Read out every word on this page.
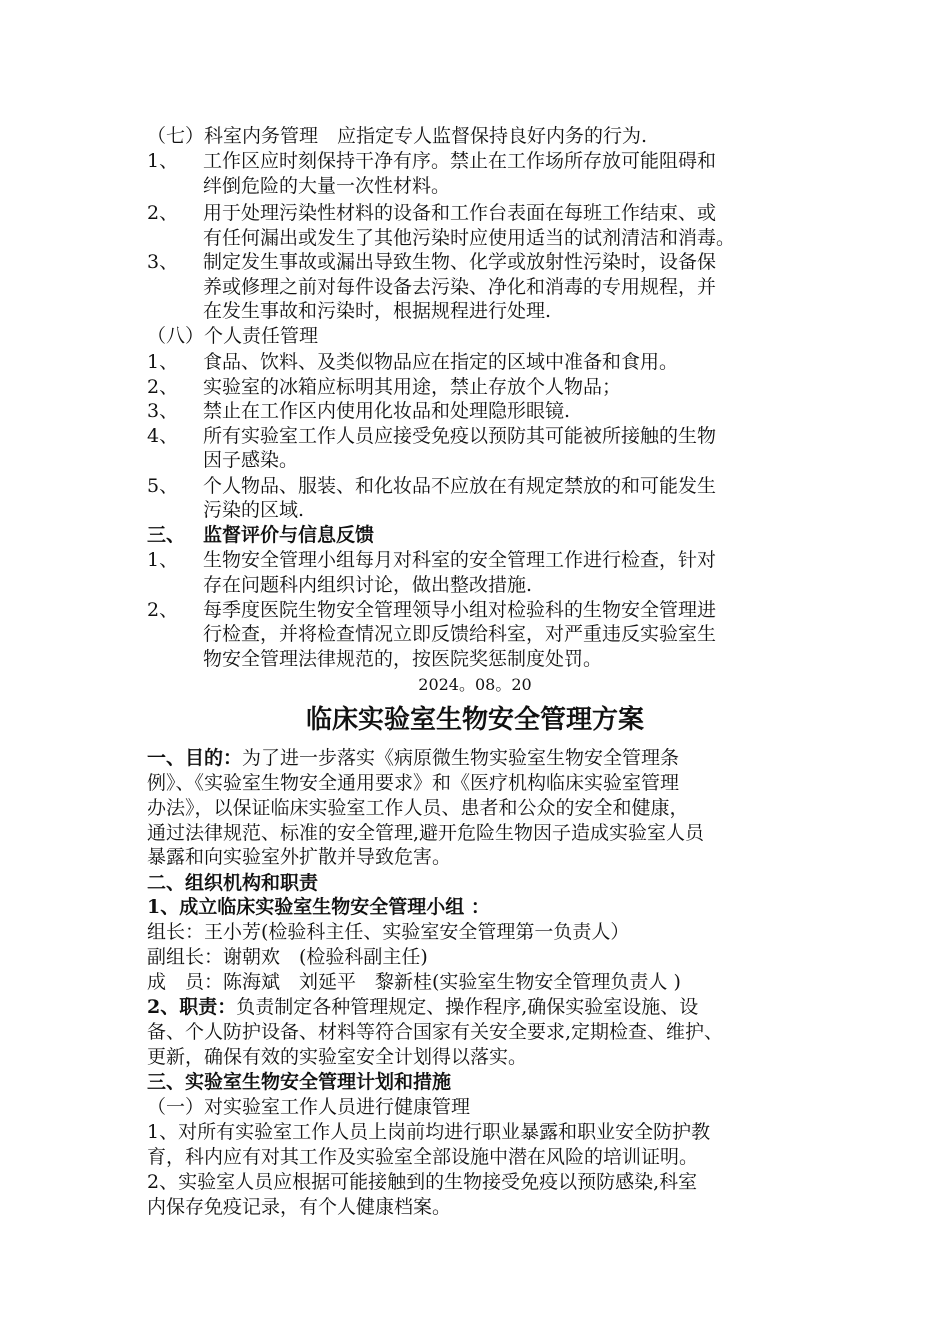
（七）科室内务管理　应指定专人监督保持良好内务的行为.
1、 工作区应时刻保持干净有序。禁止在工作场所存放可能阻碍和
绊倒危险的大量一次性材料。
2、 用于处理污染性材料的设备和工作台表面在每班工作结束、或
有任何漏出或发生了其他污染时应使用适当的试剂清洁和消毒。
3、 制定发生事故或漏出导致生物、化学或放射性污染时，设备保
养或修理之前对每件设备去污染、净化和消毒的专用规程，并
在发生事故和污染时，根据规程进行处理.
（八）个人责任管理
1、 食品、饮料、及类似物品应在指定的区域中准备和食用。
2、 实验室的冰箱应标明其用途，禁止存放个人物品；
3、 禁止在工作区内使用化妆品和处理隐形眼镜.
4、 所有实验室工作人员应接受免疫以预防其可能被所接触的生物
因子感染。
5、 个人物品、服装、和化妆品不应放在有规定禁放的和可能发生
污染的区域.
三、 监督评价与信息反馈
1、 生物安全管理小组每月对科室的安全管理工作进行检查，针对
存在问题科内组织讨论，做出整改措施.
2、 每季度医院生物安全管理领导小组对检验科的生物安全管理进
行检查，并将检查情况立即反馈给科室，对严重违反实验室生
物安全管理法律规范的，按医院奖惩制度处罚。
2024。08。20
临床实验室生物安全管理方案
一、目的：为了进一步落实《病原微生物实验室生物安全管理条
例》、《实验室生物安全通用要求》和《医疗机构临床实验室管理
办法》，以保证临床实验室工作人员、患者和公众的安全和健康，
通过法律规范、标准的安全管理,避开危险生物因子造成实验室人员
暴露和向实验室外扩散并导致危害。
二、组织机构和职责
1、成立临床实验室生物安全管理小组 ：
组长：王小芳(检验科主任、实验室安全管理第一负责人）
副组长：谢朝欢　(检验科副主任)
成　员：陈海斌　刘延平　黎新桂(实验室生物安全管理负责人 )
2、职责：负责制定各种管理规定、操作程序,确保实验室设施、设
备、个人防护设备、材料等符合国家有关安全要求,定期检查、维护、
更新，确保有效的实验室安全计划得以落实。
三、实验室生物安全管理计划和措施
（一）对实验室工作人员进行健康管理
1、对所有实验室工作人员上岗前均进行职业暴露和职业安全防护教
育，科内应有对其工作及实验室全部设施中潜在风险的培训证明。
2、实验室人员应根据可能接触到的生物接受免疫以预防感染,科室
内保存免疫记录，有个人健康档案。
